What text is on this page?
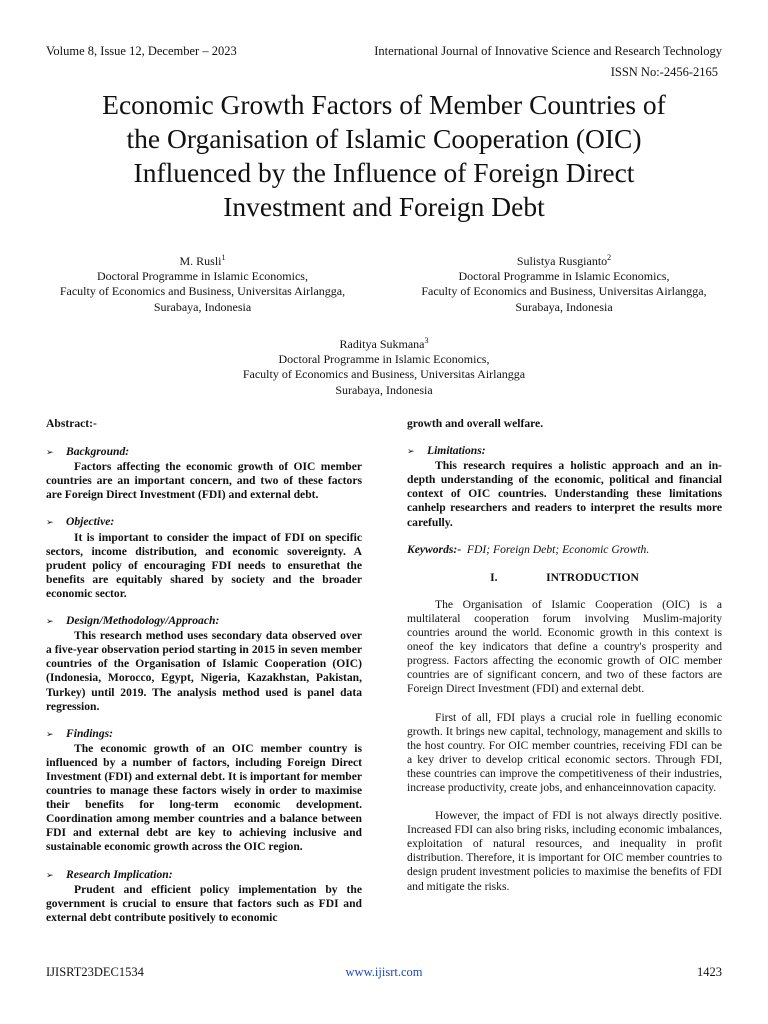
Volume 8, Issue 12, December – 2023	International Journal of Innovative Science and Research Technology
ISSN No:-2456-2165
Economic Growth Factors of Member Countries of
the Organisation of Islamic Cooperation (OIC)
Influenced by the Influence of Foreign Direct
Investment and Foreign Debt
M. Rusli$^1$
Doctoral Programme in Islamic Economics,
Faculty of Economics and Business, Universitas Airlangga,
Surabaya, Indonesia
Sulistya Rusgianto$^2$
Doctoral Programme in Islamic Economics,
Faculty of Economics and Business, Universitas Airlangga,
Surabaya, Indonesia
Raditya Sukmana$^3$
Doctoral Programme in Islamic Economics,
Faculty of Economics and Business, Universitas Airlangga
Surabaya, Indonesia

Abstract:-

➢	Background:

Factors affecting the economic growth of OIC member countries are an important concern, and two of these factors are Foreign Direct Investment (FDI) and external debt.

➢	Objective:

It is important to consider the impact of FDI on specific sectors, income distribution, and economic sovereignty. A prudent policy of encouraging FDI needs to ensurethat the benefits are equitably shared by society and the broader economic sector.

➢	Design/Methodology/Approach:

This research method uses secondary data observed over a five-year observation period starting in 2015 in seven member countries of the Organisation of Islamic Cooperation (OIC) (Indonesia, Morocco, Egypt, Nigeria, Kazakhstan, Pakistan, Turkey) until 2019. The analysis method used is panel data regression.

➢	Findings:

The economic growth of an OIC member country is influenced by a number of factors, including Foreign Direct Investment (FDI) and external debt. It is important for member countries to manage these factors wisely in order to maximise their benefits for long-term economic development. Coordination among member countries and a balance between FDI and external debt are key to achieving inclusive and sustainable economic growth across the OIC region.

➢	Research Implication:

Prudent and efficient policy implementation by the government is crucial to ensure that factors such as FDI and external debt contribute positively to economic

growth and overall welfare.

➢	Limitations:

This research requires a holistic approach and an in-depth understanding of the economic, political and financial context of OIC countries. Understanding these limitations canhelp researchers and readers to interpret the results more carefully.

Keywords:- FDI; Foreign Debt; Economic Growth.

I.	INTRODUCTION

The Organisation of Islamic Cooperation (OIC) is a multilateral cooperation forum involving Muslim-majority countries around the world. Economic growth in this context is oneof the key indicators that define a country's prosperity and progress. Factors affecting the economic growth of OIC member countries are of significant concern, and two of these factors are Foreign Direct Investment (FDI) and external debt.

First of all, FDI plays a crucial role in fuelling economic growth. It brings new capital, technology, management and skills to the host country. For OIC member countries, receiving FDI can be a key driver to develop critical economic sectors. Through FDI, these countries can improve the competitiveness of their industries, increase productivity, create jobs, and enhanceinnovation capacity.

However, the impact of FDI is not always directly positive. Increased FDI can also bring risks, including economic imbalances, exploitation of natural resources, and inequality in profit distribution. Therefore, it is important for OIC member countries to design prudent investment policies to maximise the benefits of FDI and mitigate the risks.

IJISRT23DEC1534	www.ijisrt.com	1423
